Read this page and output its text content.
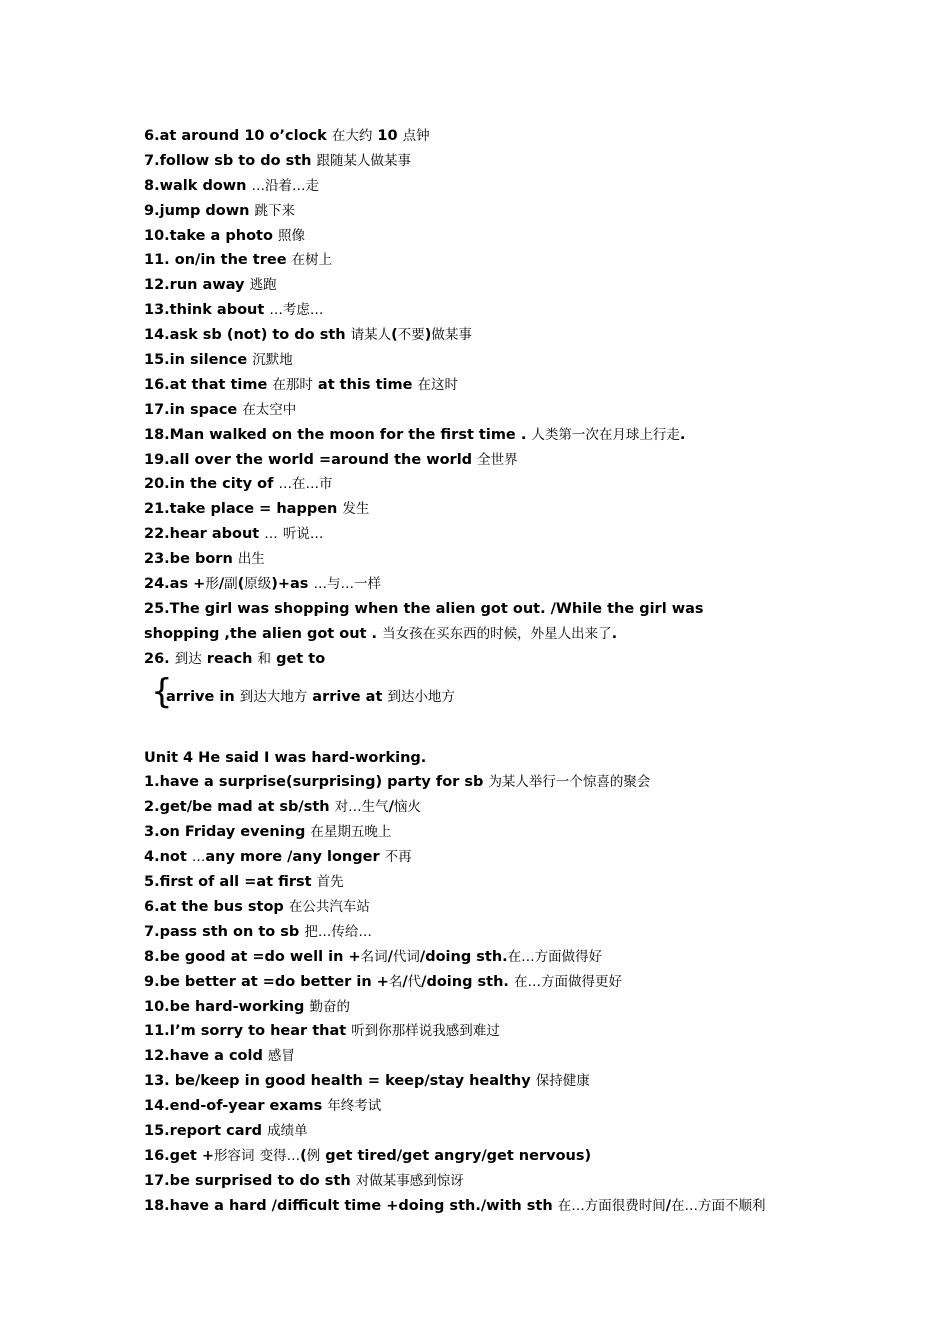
6.at around 10 o’clock 在大约 10 点钟
7.follow sb to do sth 跟随某人做某事
8.walk down …沿着…走
9.jump down 跳下来
10.take a photo 照像
11. on/in the tree 在树上
12.run away 逃跑
13.think about …考虑…
14.ask sb (not) to do sth 请某人(不要)做某事
15.in silence 沉默地
16.at that time 在那时 at this time 在这时
17.in space 在太空中
18.Man walked on the moon for the first time . 人类第一次在月球上行走.
19.all over the world =around the world 全世界
20.in the city of …在…市
21.take place = happen 发生
22.hear about … 听说…
23.be born 出生
24.as +形/副(原级)+as …与…一样
25.The girl was shopping when the alien got out. /While the girl was
shopping ,the alien got out . 当女孩在买东西的时候，外星人出来了.
26. 到达 reach 和 get to
{
arrive in 到达大地方 arrive at 到达小地方
Unit 4 He said I was hard-working.
1.have a surprise(surprising) party for sb 为某人举行一个惊喜的聚会
2.get/be mad at sb/sth 对…生气/恼火
3.on Friday evening 在星期五晚上
4.not …any more /any longer 不再
5.first of all =at first 首先
6.at the bus stop 在公共汽车站
7.pass sth on to sb 把…传给…
8.be good at =do well in +名词/代词/doing sth.在…方面做得好
9.be better at =do better in +名/代/doing sth. 在…方面做得更好
10.be hard-working 勤奋的
11.I’m sorry to hear that 听到你那样说我感到难过
12.have a cold 感冒
13. be/keep in good health = keep/stay healthy 保持健康
14.end-of-year exams 年终考试
15.report card 成绩单
16.get +形容词 变得…(例 get tired/get angry/get nervous)
17.be surprised to do sth 对做某事感到惊讶
18.have a hard /difficult time +doing sth./with sth 在…方面很费时间/在…方面不顺利
